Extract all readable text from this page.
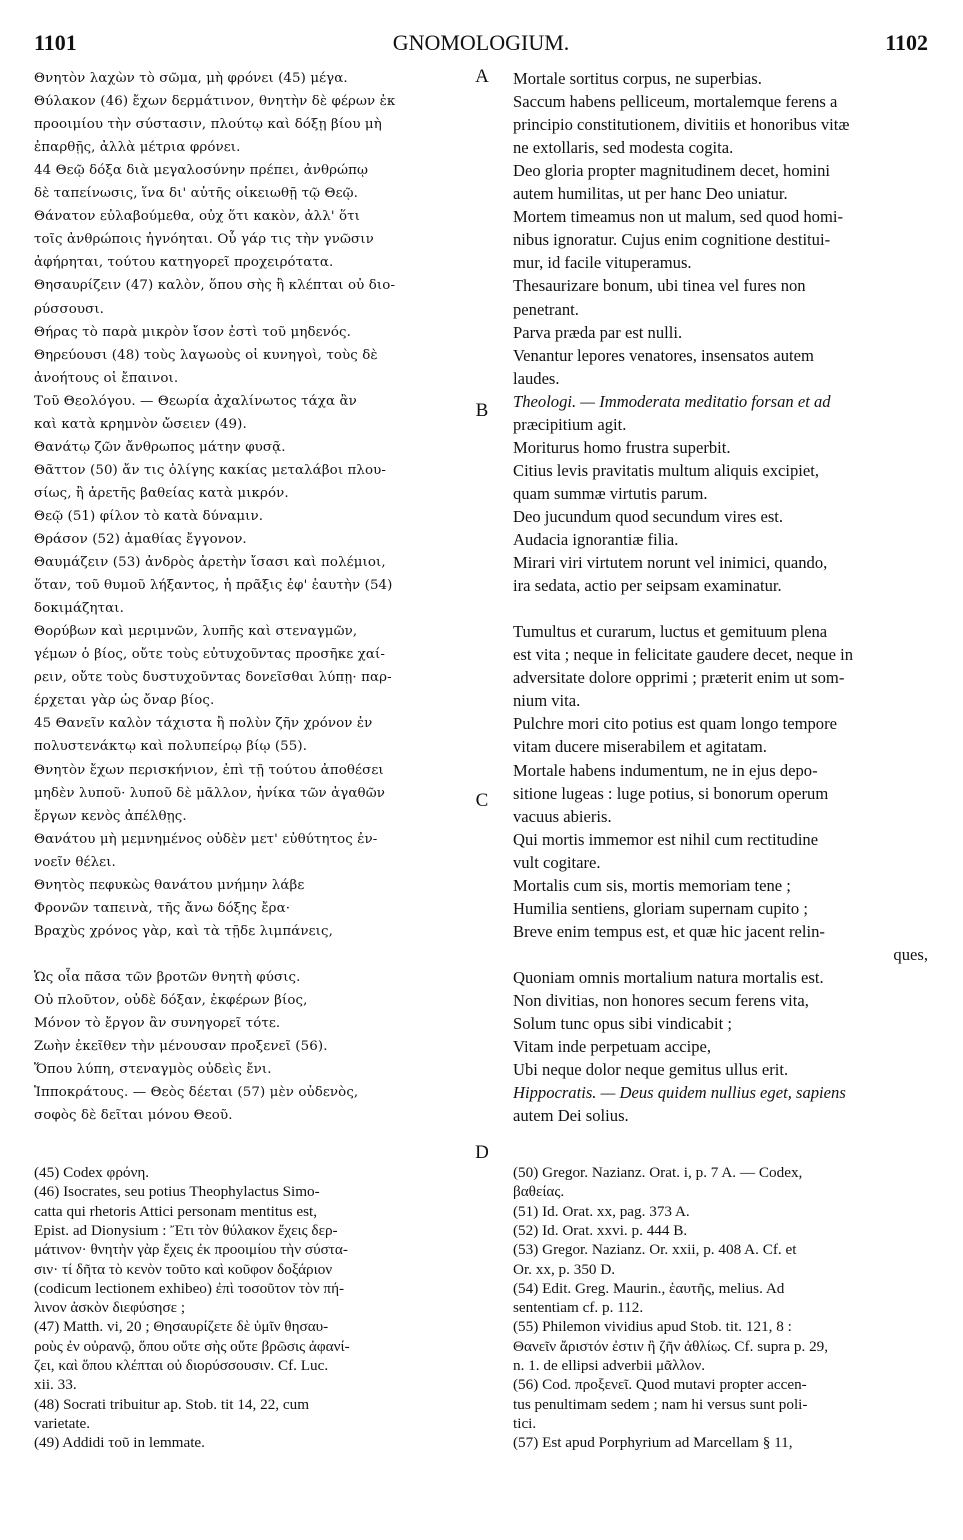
1101	GNOMOLOGIUM.	1102
Θνητὸν λαχὼν τὸ σῶμα, μὴ φρόνει (45) μέγα.
Θύλακον (46) ἔχων δερμάτινον, θνητὴν δὲ φέρων ἐκ
προοιμίου τὴν σύστασιν, πλούτῳ καὶ δόξῃ βίου μὴ
ἐπαρθῇς, ἀλλὰ μέτρια φρόνει.
44 Θεῷ δόξα διὰ μεγαλοσύνην πρέπει, ἀνθρώπῳ
δὲ ταπείνωσις, ἵνα δι' αὐτῆς οἰκειωθῇ τῷ Θεῷ.
Θάνατον εὐλαβούμεθα, οὐχ ὅτι κακὸν, ἀλλ' ὅτι
τοῖς ἀνθρώποις ἠγνόηται. Οὗ γάρ τις τὴν γνῶσιν
ἀφήρηται, τούτου κατηγορεῖ προχειρότατα.
Θησαυρίζειν (47) καλὸν, ὅπου σὴς ἢ κλέπται οὐ διο-
ρύσσουσι.
Θήρας τὸ παρὰ μικρὸν ἴσον ἐστὶ τοῦ μηδενός.
Θηρεύουσι (48) τοὺς λαγωοὺς οἱ κυνηγοὶ, τοὺς δὲ
ἀνοήτους οἱ ἔπαινοι.
Τοῦ Θεολόγου. — Θεωρία ἀχαλίνωτος τάχα ἂν
καὶ κατὰ κρημνὸν ὤσειεν (49).
Θανάτῳ ζῶν ἄνθρωπος μάτην φυσᾷ.
Θᾶττον (50) ἄν τις ὀλίγης κακίας μεταλάβοι πλου-
σίως, ἢ ἀρετῆς βαθείας κατὰ μικρόν.
Θεῷ (51) φίλον τὸ κατὰ δύναμιν.
Θράσον (52) ἀμαθίας ἔγγονον.
Θαυμάζειν (53) ἀνδρὸς ἀρετὴν ἴσασι καὶ πολέμιοι,
ὅταν, τοῦ θυμοῦ λήξαντος, ἡ πρᾶξις ἐφ' ἑαυτὴν (54)
δοκιμάζηται.
Θορύβων καὶ μεριμνῶν, λυπῆς καὶ στεναγμῶν,
γέμων ὁ βίος, οὔτε τοὺς εὐτυχοῦντας προσῆκε χαί-
ρειν, οὔτε τοὺς δυστυχοῦντας δονεῖσθαι λύπῃ· παρ-
έρχεται γὰρ ὡς ὄναρ βίος.
45 Θανεῖν καλὸν τάχιστα ἢ πολὺν ζῆν χρόνον ἐν
πολυστενάκτῳ καὶ πολυπείρῳ βίῳ (55).
Θνητὸν ἔχων περισκήνιον, ἐπὶ τῇ τούτου ἀποθέσει
μηδὲν λυποῦ· λυποῦ δὲ μᾶλλον, ἡνίκα τῶν ἀγαθῶν
ἔργων κενὸς ἀπέλθῃς.
Θανάτου μὴ μεμνημένος οὐδὲν μετ' εὐθύτητος ἐν-
νοεῖν θέλει.
Θνητὸς πεφυκὼς θανάτου μνήμην λάβε
Φρονῶν ταπεινὰ, τῆς ἄνω δόξης ἔρα·
Βραχὺς χρόνος γὰρ, καὶ τὰ τῇδε λιμπάνεις,
Ὡς οἷα πᾶσα τῶν βροτῶν θνητὴ φύσις.
Οὐ πλοῦτον, οὐδὲ δόξαν, ἐκφέρων βίος,
Μόνον τὸ ἔργον ἂν συνηγορεῖ τότε.
Ζωὴν ἐκεῖθεν τὴν μένουσαν προξενεῖ (56).
Ὅπου λύπη, στεναγμὸς οὐδεὶς ἔνι.
Ἱπποκράτους. — Θεὸς δέεται (57) μὲν οὐδενὸς,
σοφὸς δὲ δεῖται μόνου Θεοῦ.
Mortale sortitus corpus, ne superbias.
Saccum habens pelliceum, mortalemque ferens a
principio constitutionem, divitiis et honoribus vitæ
ne extollaris, sed modesta cogita.
Deo gloria propter magnitudinem decet, homini
autem humilitas, ut per hanc Deo uniatur.
Mortem timeamus non ut malum, sed quod homi-
nibus ignoratur. Cujus enim cognitione destitui-
mur, id facile vituperamus.
Thesaurizare bonum, ubi tinea vel fures non
penetrant.
Parva præda par est nulli.
Venantur lepores venatores, insensatos autem
laudes.
Theologi. — Immoderata meditatio forsan et ad
præcipitium agit.
Moriturus homo frustra superbit.
Citius levis pravitatis multum aliquis excipiet,
quam summæ virtutis parum.
Deo jucundum quod secundum vires est.
Audacia ignorantiæ filia.
Mirari viri virtutem norunt vel inimici, quando,
ira sedata, actio per seipsam examinatur.
Tumultus et curarum, luctus et gemituum plena
est vita ; neque in felicitate gaudere decet, neque in
adversitate dolore opprimi ; præterit enim ut som-
nium vita.
Pulchre mori cito potius est quam longo tempore
vitam ducere miserabilem et agitatam.
Mortale habens indumentum, ne in ejus depo-
sitione lugeas : luge potius, si bonorum operum
vacuus abieris.
Qui mortis immemor est nihil cum rectitudine
vult cogitare.
Mortalis cum sis, mortis memoriam tene ;
Humilia sentiens, gloriam supernam cupito ;
Breve enim tempus est, et quæ hic jacent relin-
ques,
Quoniam omnis mortalium natura mortalis est.
Non divitias, non honores secum ferens vita,
Solum tunc opus sibi vindicabit ;
Vitam inde perpetuam accipe,
Ubi neque dolor neque gemitus ullus erit.
Hippocratis. — Deus quidem nullius eget, sapiens
autem Dei solius.
A
B
C
D
(45) Codex φρόνη.
(46) Isocrates, seu potius Theophylactus Simo-
catta qui rhetoris Attici personam mentitus est,
Epist. ad Dionysium : Ἔτι τὸν θύλακον ἔχεις δερ-
μάτινον· θνητὴν γὰρ ἔχεις ἐκ προοιμίου τὴν σύστα-
σιν· τί δῆτα τὸ κενὸν τοῦτο καὶ κοῦφον δοξάριον
(codicum lectionem exhibeo) ἐπὶ τοσοῦτον τὸν πή-
λινον ἀσκὸν διεφύσησε ;
(47) Matth. vi, 20 ; Θησαυρίζετε δὲ ὑμῖν θησαυ-
ροὺς ἐν οὐρανῷ, ὅπου οὔτε σὴς οὔτε βρῶσις ἀφανί-
ζει, καὶ ὅπου κλέπται οὐ διορύσσουσιν. Cf. Luc.
xii. 33.
(48) Socrati tribuitur ap. Stob. tit 14, 22, cum
varietate.
(49) Addidi τοῦ in lemmate.
(50) Gregor. Nazianz. Orat. i, p. 7 A. — Codex,
βαθείας.
(51) Id. Orat. xx, pag. 373 A.
(52) Id. Orat. xxvi. p. 444 B.
(53) Gregor. Nazianz. Or. xxii, p. 408 A. Cf. et
Or. xx, p. 350 D.
(54) Edit. Greg. Maurin., ἑαυτῆς, melius. Ad
sententiam cf. p. 112.
(55) Philemon vividius apud Stob. tit. 121, 8 :
Θανεῖν ἄριστόν ἐστιν ἢ ζῆν ἀθλίως. Cf. supra p. 29,
n. 1. de ellipsi adverbii μᾶλλον.
(56) Cod. προξενεῖ. Quod mutavi propter accen-
tus penultimam sedem ; nam hi versus sunt poli-
tici.
(57) Est apud Porphyrium ad Marcellam § 11,
